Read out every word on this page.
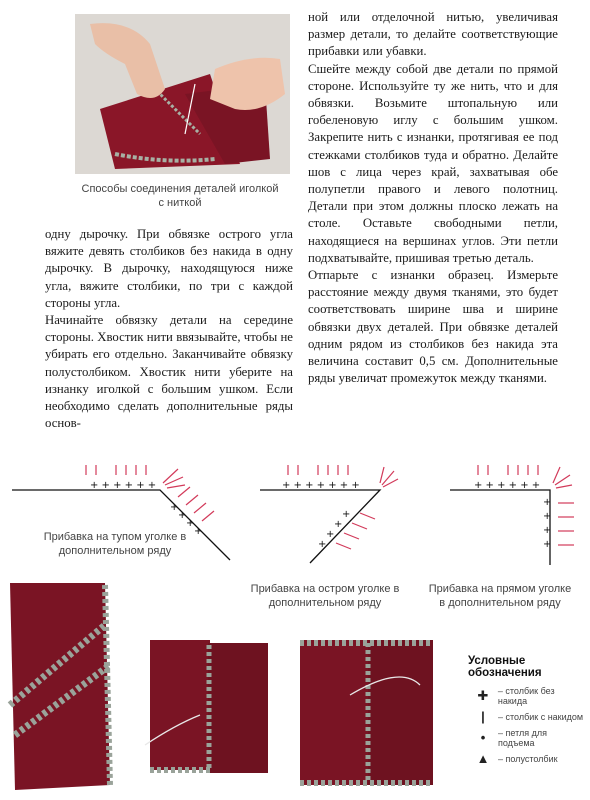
Способы соединения деталей иголкой с ниткой

одну дырочку. При обвязке острого угла вяжите девять столбиков без накида в одну дырочку. В дырочку, находящуюся ниже угла, вяжите столбики, по три с каждой стороны угла.

Начинайте обвязку детали на середине стороны. Хвостик нити ввязывайте, чтобы не убирать его отдельно. Заканчивайте обвязку полустолбиком. Хвостик нити уберите на изнанку иголкой с большим ушком. Если необходимо сделать дополнительные ряды основ-

ной или отделочной нитью, увеличивая размер детали, то делайте соответствующие прибавки или убавки.

Сшейте между собой две детали по прямой стороне. Используйте ту же нить, что и для обвязки. Возьмите штопальную или гобеленовую иглу с большим ушком. Закрепите нить с изнанки, протягивая ее под стежками столбиков туда и обратно. Делайте шов с лица через край, захватывая обе полупетли правого и левого полотниц. Детали при этом должны плоско лежать на столе. Оставьте свободными петли, находящиеся на вершинах углов. Эти петли подхватывайте, пришивая третью деталь.

Отпарьте с изнанки образец. Измерьте расстояние между двумя тканями, это будет соответствовать ширине шва и ширине обвязки двух деталей. При обвязке деталей одним рядом из столбиков без накида эта величина составит 0,5 см. Дополнительные ряды увеличат промежуток между тканями.

+ + + + + +	+ + + + + + +	+ + + + + +
+
+
+
+
+
+
+
+
+
+
+
+
Прибавка на тупом уголке в дополнительном ряду
Прибавка на остром уголке в дополнительном ряду
Прибавка на прямом уголке в дополнительном ряду
Условные обозначения
✚	– столбик без накида
|	– столбик с накидом
•	– петля для подъема
▲ – полустолбик
